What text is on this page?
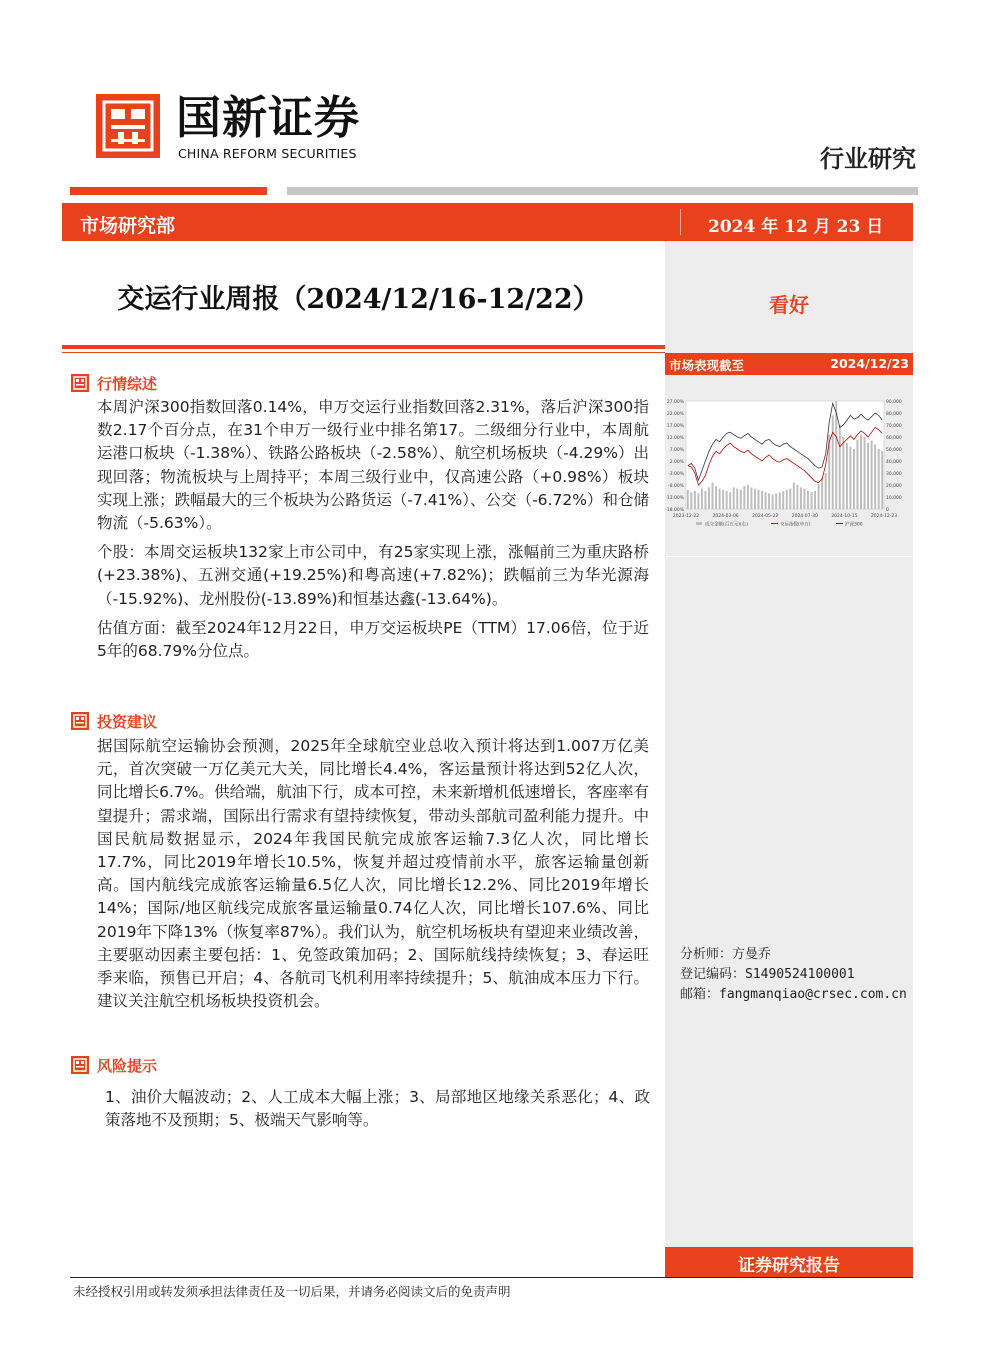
国新证券
CHINA REFORM SECURITIES	行业研究
市场研究部	2024 年 12 月 23 日
看好
市场表现截至	2024/12/23
27.00%
22.00%
17.00%
12.00%
7.00%
2.00%
-3.00%
-8.00%
-13.00%
-18.00%
90,000
80,000
70,000
60,000
50,000
40,000
30,000
20,000
10,000
0
2023-12-22	2024-03-06	2024-05-22	2024-07-30	2024-10-15	2024-12-23
成交金额(百万元)(右)	交运指数(申万)	沪深300
分析师：方曼乔
登记编码：S1490524100001
邮箱：fangmanqiao@crsec.com.cn
交运行业周报（2024/12/16-12/22）
行情综述

本周沪深300指数回落0.14%，申万交运行业指数回落2.31%，落后沪深300指数2.17个百分点，在31个申万一级行业中排名第17。二级细分行业中，本周航运港口板块（-1.38%）、铁路公路板块（-2.58%）、航空机场板块（-4.29%）出现回落；物流板块与上周持平；本周三级行业中，仅高速公路（+0.98%）板块实现上涨；跌幅最大的三个板块为公路货运（-7.41%）、公交（-6.72%）和仓储物流（-5.63%）。

个股：本周交运板块132家上市公司中，有25家实现上涨，涨幅前三为重庆路桥(+23.38%)、五洲交通(+19.25%)和粤高速(+7.82%)；跌幅前三为华光源海（-15.92%)、龙州股份(-13.89%)和恒基达鑫(-13.64%)。

估值方面：截至2024年12月22日，申万交运板块PE（TTM）17.06倍，位于近5年的68.79%分位点。

投资建议

据国际航空运输协会预测，2025年全球航空业总收入预计将达到1.007万亿美元，首次突破一万亿美元大关，同比增长4.4%，客运量预计将达到52亿人次，同比增长6.7%。供给端，航油下行，成本可控，未来新增机低速增长，客座率有望提升；需求端，国际出行需求有望持续恢复，带动头部航司盈利能力提升。中国民航局数据显示，2024年我国民航完成旅客运输7.3亿人次，同比增长17.7%，同比2019年增长10.5%，恢复并超过疫情前水平，旅客运输量创新高。国内航线完成旅客运输量6.5亿人次，同比增长12.2%、同比2019年增长14%；国际/地区航线完成旅客量运输量0.74亿人次，同比增长107.6%、同比2019年下降13%（恢复率87%）。我们认为，航空机场板块有望迎来业绩改善，主要驱动因素主要包括：1、免签政策加码；2、国际航线持续恢复；3、春运旺季来临，预售已开启；4、各航司飞机利用率持续提升；5、航油成本压力下行。建议关注航空机场板块投资机会。

风险提示

1、油价大幅波动；2、人工成本大幅上涨；3、局部地区地缘关系恶化；4、政策落地不及预期；5、极端天气影响等。

证券研究报告
未经授权引用或转发须承担法律责任及一切后果，并请务必阅读文后的免责声明
